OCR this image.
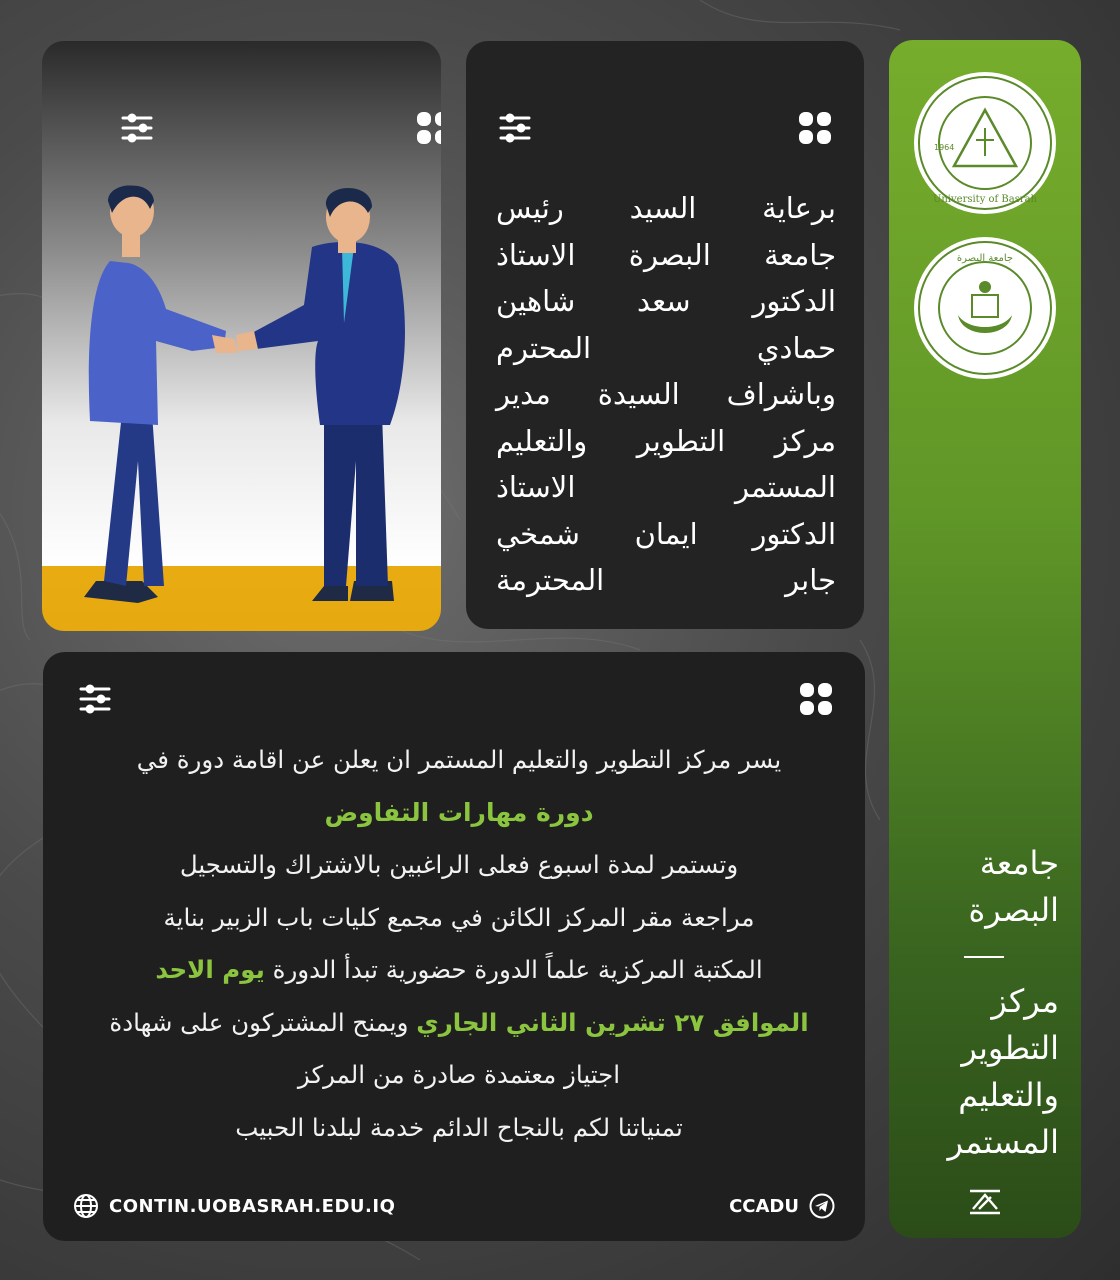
برعاية السيد رئيس
جامعة البصرة الاستاذ
الدكتور سعد شاهين
حمادي المحترم
وباشراف السيدة مدير
مركز التطوير والتعليم
المستمر الاستاذ
الدكتور ايمان شمخي
جابر المحترمة
University of Basrah
1964
جامعة البصرة
جامعة
البصرة
مركز
التطوير
والتعليم
المستمر
يسر مركز التطوير والتعليم المستمر ان يعلن عن اقامة دورة في
دورة مهارات التفاوض
وتستمر لمدة اسبوع فعلى الراغبين بالاشتراك والتسجيل
مراجعة مقر المركز الكائن في مجمع كليات باب الزبير بناية
المكتبة المركزية علماً الدورة حضورية تبدأ الدورة يوم الاحد
الموافق ٢٧ تشرين الثاني الجاري ويمنح المشتركون على شهادة
اجتياز معتمدة صادرة من المركز
تمنياتنا لكم بالنجاح الدائم خدمة لبلدنا الحبيب
CONTIN.UOBASRAH.EDU.IQ	CCADU
